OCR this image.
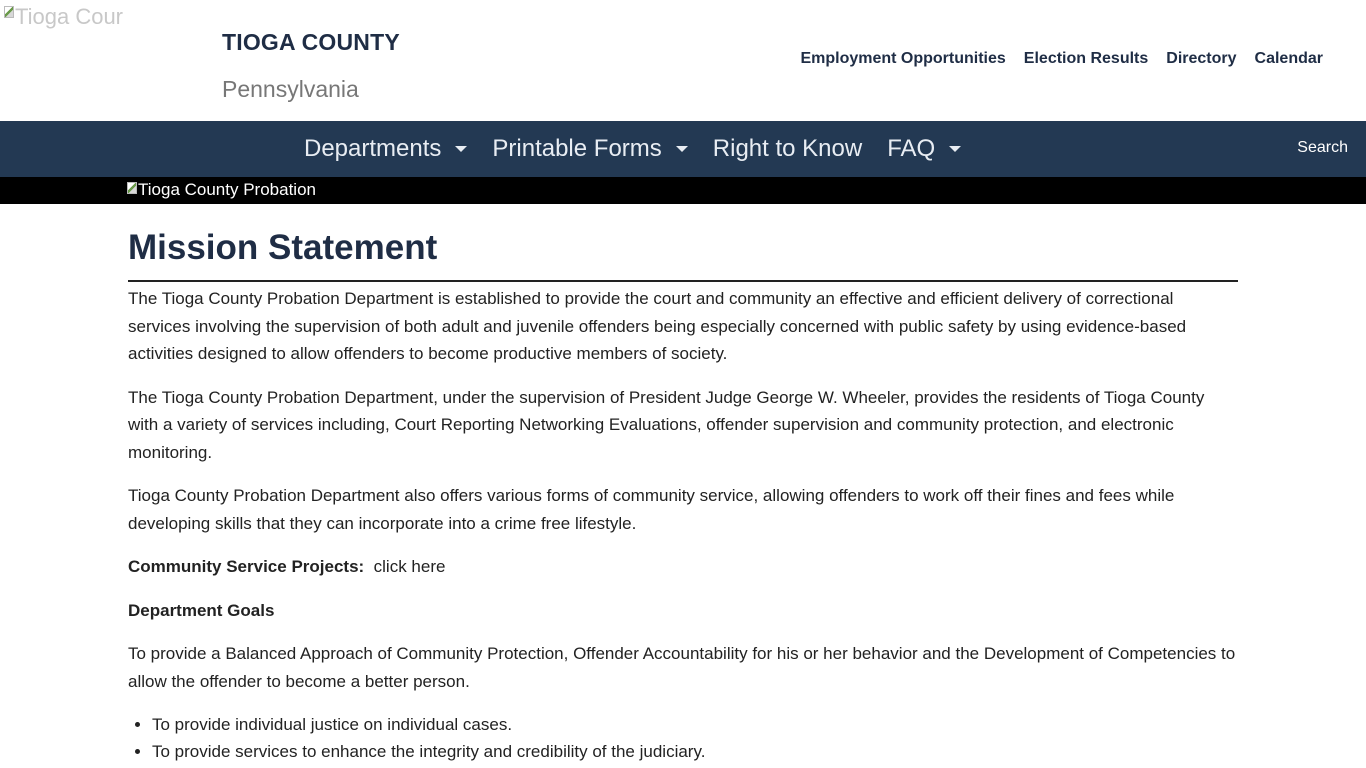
Tioga Cour
TIOGA COUNTY
Pennsylvania
Employment Opportunities Election Results Directory Calendar
Departments Printable Forms Right to Know FAQ	Search
Tioga County Probation
Mission Statement

The Tioga County Probation Department is established to provide the court and community an effective and efficient delivery of correctional services involving the supervision of both adult and juvenile offenders being especially concerned with public safety by using evidence-based activities designed to allow offenders to become productive members of society.

The Tioga County Probation Department, under the supervision of President Judge George W. Wheeler, provides the residents of Tioga County with a variety of services including, Court Reporting Networking Evaluations, offender supervision and community protection, and electronic monitoring.

Tioga County Probation Department also offers various forms of community service, allowing offenders to work off their fines and fees while developing skills that they can incorporate into a crime free lifestyle.

Community Service Projects: click here

Department Goals

To provide a Balanced Approach of Community Protection, Offender Accountability for his or her behavior and the Development of Competencies to allow the offender to become a better person.

• To provide individual justice on individual cases.
• To provide services to enhance the integrity and credibility of the judiciary.
